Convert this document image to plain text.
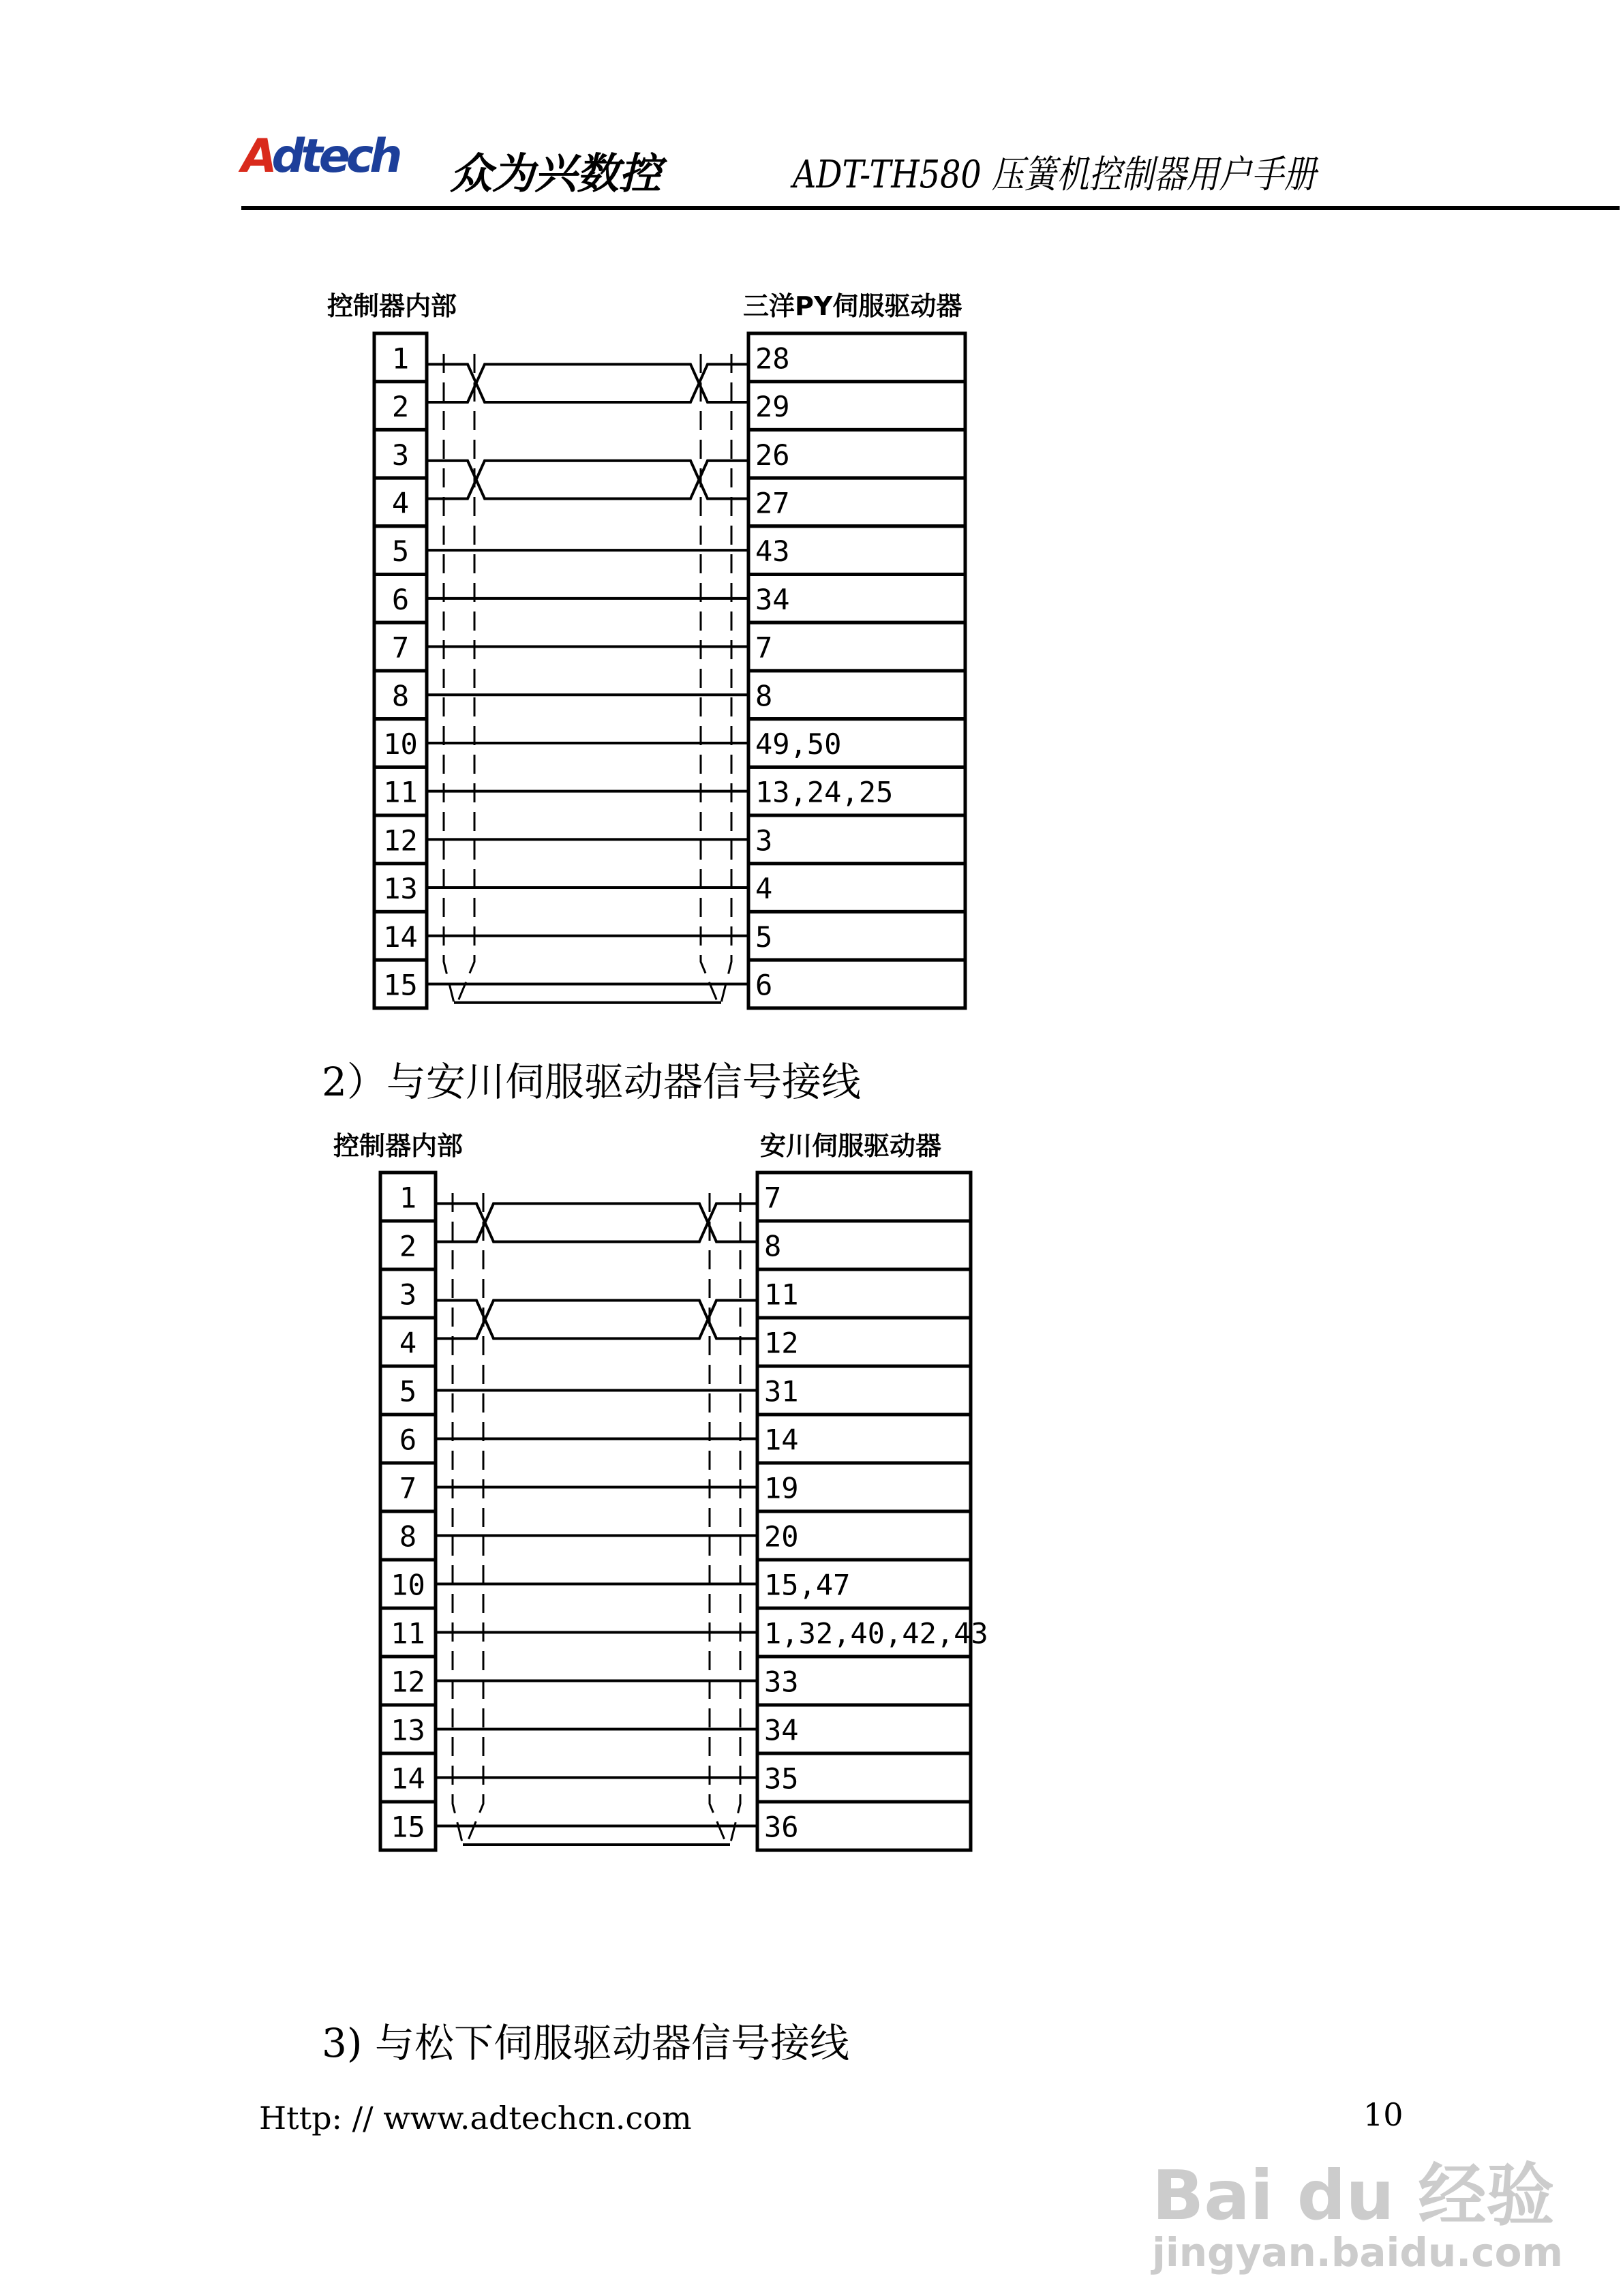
Adtech 众为兴数控	ADT-TH580 压簧机控制器用户手册
控制器内部	三洋PY伺服驱动器
1	28
2	29
3	26
4	27
5	43
6	34
7	7
8	8
10	49,50
11	13,24,25
12	3
13	4
14	5
15	6
控制器内部	安川伺服驱动器
1	7
2	8
3	11
4	12
5	31
6	14
7	19
8	20
10	15,47
11	1,32,40,42,43
12	33
13	34
14	35
15	36
2）与安川伺服驱动器信号接线
3) 与松下伺服驱动器信号接线
Http: // www.adtechcn.com	10
Bai du 经验
jingyan.baidu.com
